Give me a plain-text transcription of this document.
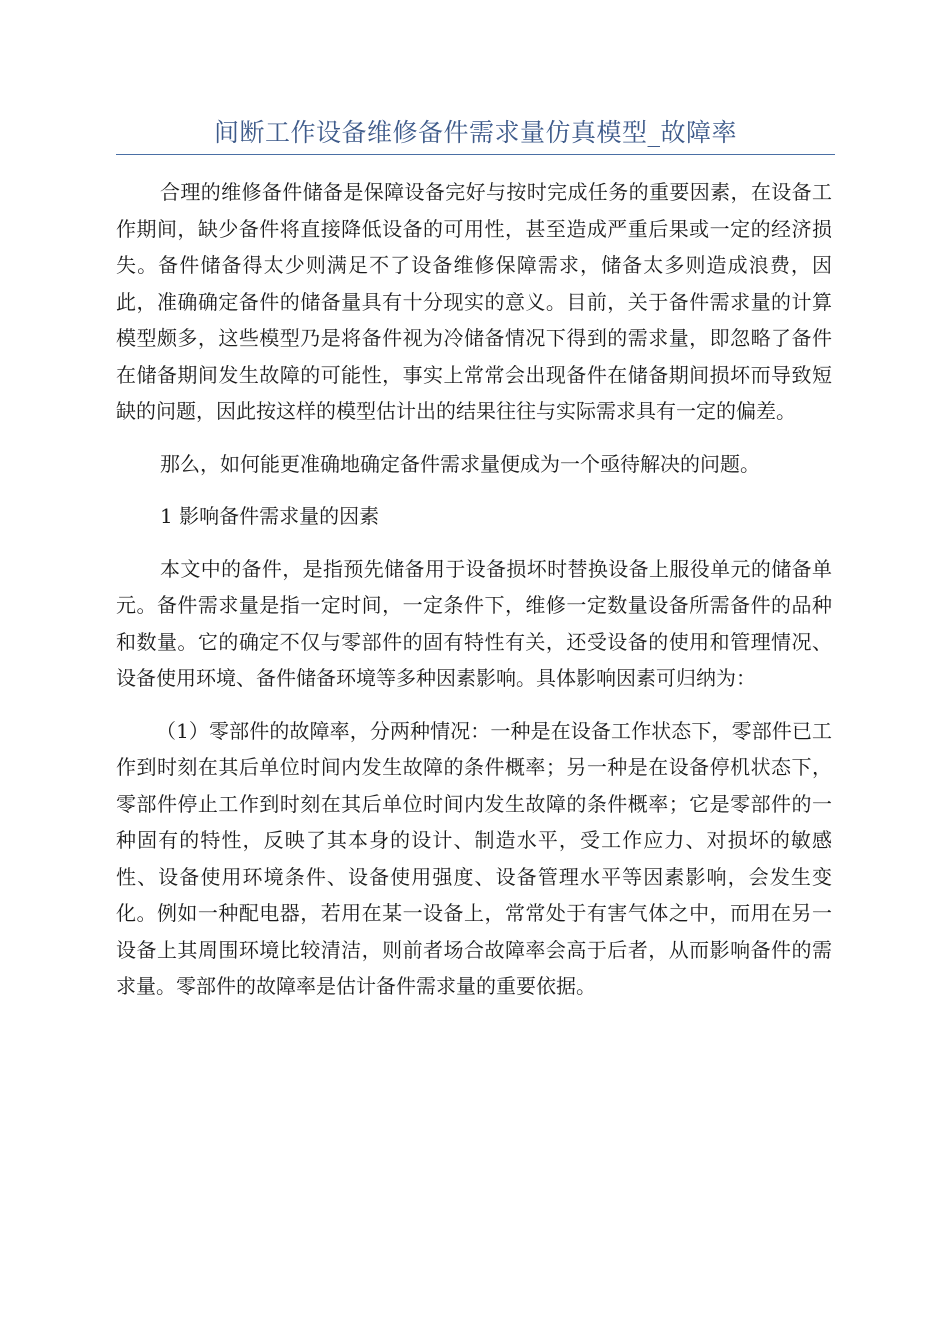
间断工作设备维修备件需求量仿真模型_故障率

合理的维修备件储备是保障设备完好与按时完成任务的重要因素，在设备工作期间，缺少备件将直接降低设备的可用性，甚至造成严重后果或一定的经济损失。备件储备得太少则满足不了设备维修保障需求，储备太多则造成浪费，因此，准确确定备件的储备量具有十分现实的意义。目前，关于备件需求量的计算模型颇多，这些模型乃是将备件视为冷储备情况下得到的需求量，即忽略了备件在储备期间发生故障的可能性，事实上常常会出现备件在储备期间损坏而导致短缺的问题，因此按这样的模型估计出的结果往往与实际需求具有一定的偏差。

那么，如何能更准确地确定备件需求量便成为一个亟待解决的问题。

1 影响备件需求量的因素

本文中的备件，是指预先储备用于设备损坏时替换设备上服役单元的储备单元。备件需求量是指一定时间，一定条件下，维修一定数量设备所需备件的品种和数量。它的确定不仅与零部件的固有特性有关，还受设备的使用和管理情况、设备使用环境、备件储备环境等多种因素影响。具体影响因素可归纳为：

（1）零部件的故障率，分两种情况：一种是在设备工作状态下，零部件已工作到时刻在其后单位时间内发生故障的条件概率；另一种是在设备停机状态下，零部件停止工作到时刻在其后单位时间内发生故障的条件概率；它是零部件的一种固有的特性，反映了其本身的设计、制造水平，受工作应力、对损坏的敏感性、设备使用环境条件、设备使用强度、设备管理水平等因素影响，会发生变化。例如一种配电器，若用在某一设备上，常常处于有害气体之中，而用在另一设备上其周围环境比较清洁，则前者场合故障率会高于后者，从而影响备件的需求量。零部件的故障率是估计备件需求量的重要依据。
